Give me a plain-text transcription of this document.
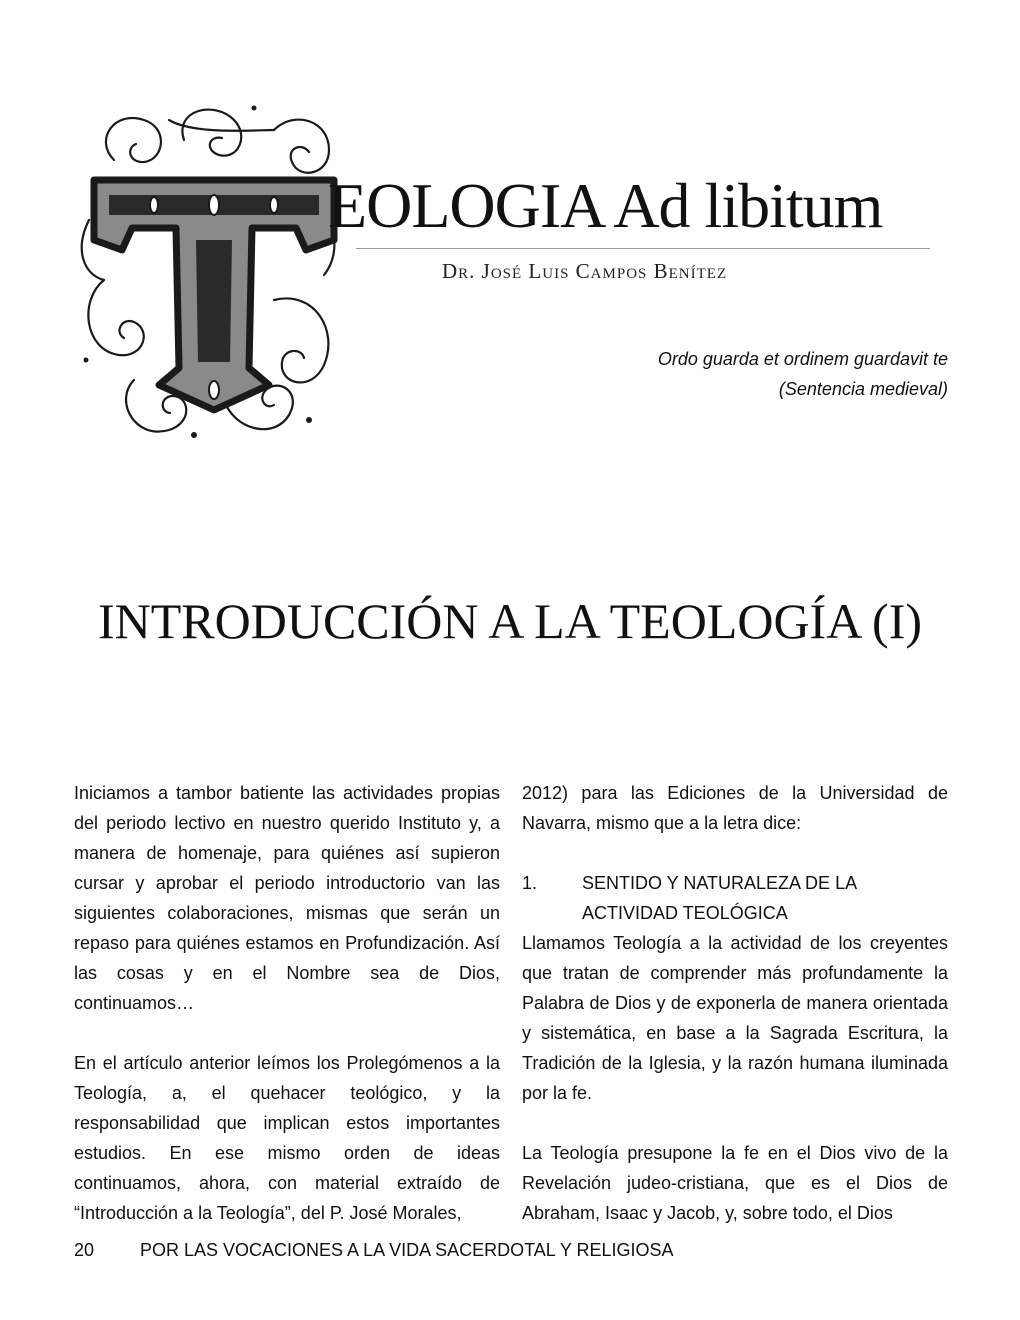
EOLOGIA Ad libitum
Dr. José Luis Campos Benítez
Ordo guarda et ordinem guardavit te
(Sentencia medieval)
INTRODUCCIÓN A LA TEOLOGÍA (I)

Iniciamos a tambor batiente las actividades propias del periodo lectivo en nuestro querido Instituto y, a manera de homenaje, para quiénes así supieron cursar y aprobar el periodo introductorio van las siguientes colaboraciones, mismas que serán un repaso para quiénes estamos en Profundización. Así las cosas y en el Nombre sea de Dios, continuamos…

En el artículo anterior leímos los Prolegómenos a la Teología, a, el quehacer teológico, y la responsabilidad que implican estos importantes estudios. En ese mismo orden de ideas continuamos, ahora, con material extraído de “Introducción a la Teología”, del P. José Morales,

2012) para las Ediciones de la Universidad de Navarra, mismo que a la letra dice:

1.	SENTIDO Y NATURALEZA DE LA ACTIVIDAD TEOLÓGICA

Llamamos Teología a la actividad de los creyentes que tratan de comprender más profundamente la Palabra de Dios y de exponerla de manera orientada y sistemática, en base a la Sagrada Escritura, la Tradición de la Iglesia, y la razón humana iluminada por la fe.

La Teología presupone la fe en el Dios vivo de la Revelación judeo-cristiana, que es el Dios de Abraham, Isaac y Jacob, y, sobre todo, el Dios

20	POR LAS VOCACIONES A LA VIDA SACERDOTAL Y RELIGIOSA
